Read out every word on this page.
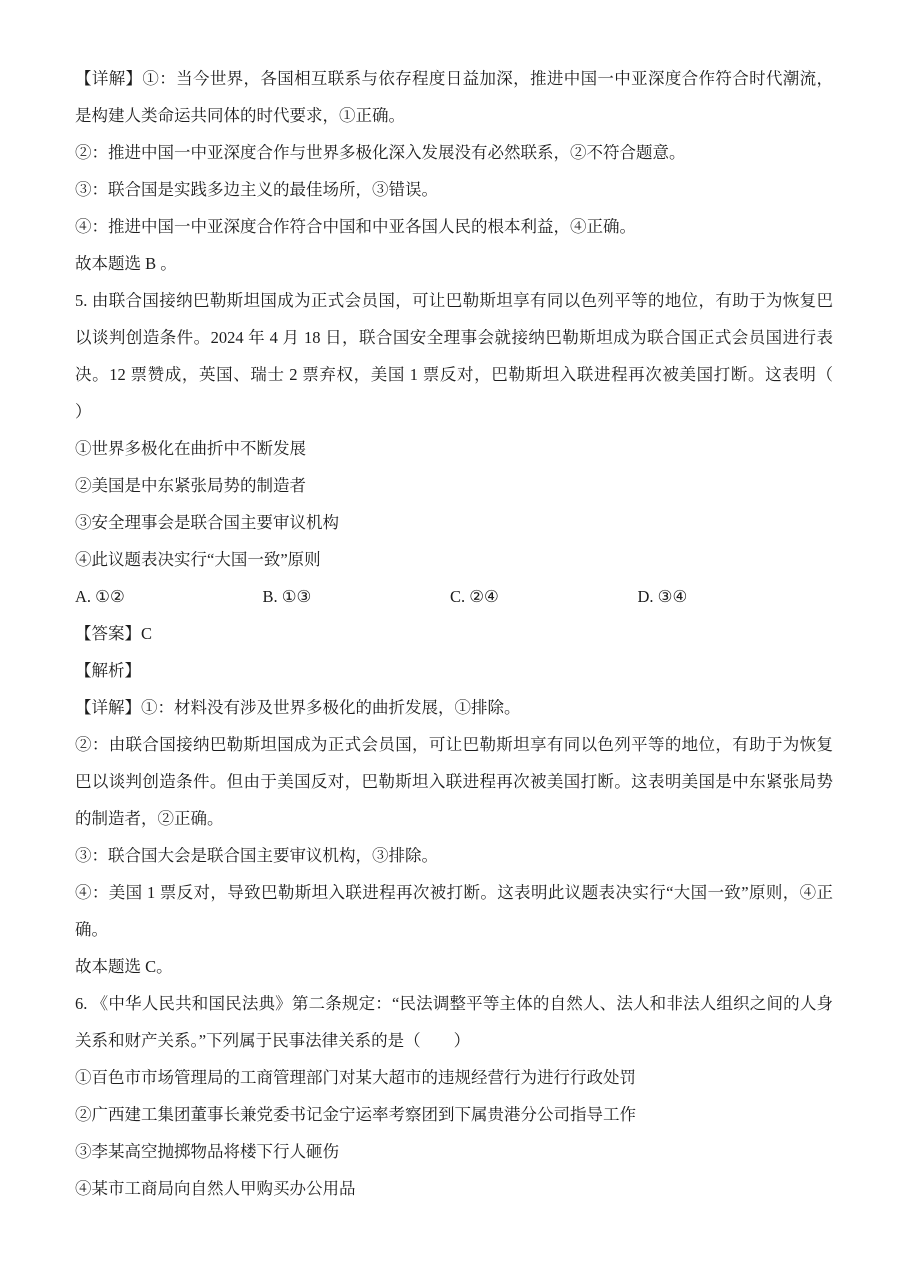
【详解】①：当今世界，各国相互联系与依存程度日益加深，推进中国一中亚深度合作符合时代潮流，是构建人类命运共同体的时代要求，①正确。

②：推进中国一中亚深度合作与世界多极化深入发展没有必然联系，②不符合题意。

③：联合国是实践多边主义的最佳场所，③错误。

④：推进中国一中亚深度合作符合中国和中亚各国人民的根本利益，④正确。

故本题选 B 。

5. 由联合国接纳巴勒斯坦国成为正式会员国，可让巴勒斯坦享有同以色列平等的地位，有助于为恢复巴以谈判创造条件。2024 年 4 月 18 日，联合国安全理事会就接纳巴勒斯坦成为联合国正式会员国进行表决。12 票赞成，英国、瑞士 2 票弃权，美国 1 票反对，巴勒斯坦入联进程再次被美国打断。这表明（　　）

①世界多极化在曲折中不断发展

②美国是中东紧张局势的制造者

③安全理事会是联合国主要审议机构

④此议题表决实行“大国一致”原则

A. ①②	B. ①③	C. ②④	D. ③④

【答案】C

【解析】

【详解】①：材料没有涉及世界多极化的曲折发展，①排除。

②：由联合国接纳巴勒斯坦国成为正式会员国，可让巴勒斯坦享有同以色列平等的地位，有助于为恢复巴以谈判创造条件。但由于美国反对，巴勒斯坦入联进程再次被美国打断。这表明美国是中东紧张局势的制造者，②正确。

③：联合国大会是联合国主要审议机构，③排除。

④：美国 1 票反对，导致巴勒斯坦入联进程再次被打断。这表明此议题表决实行“大国一致”原则，④正确。

故本题选 C。

6. 《中华人民共和国民法典》第二条规定：“民法调整平等主体的自然人、法人和非法人组织之间的人身关系和财产关系。”下列属于民事法律关系的是（　　）

①百色市市场管理局的工商管理部门对某大超市的违规经营行为进行行政处罚

②广西建工集团董事长兼党委书记金宁运率考察团到下属贵港分公司指导工作

③李某高空抛掷物品将楼下行人砸伤

④某市工商局向自然人甲购买办公用品
